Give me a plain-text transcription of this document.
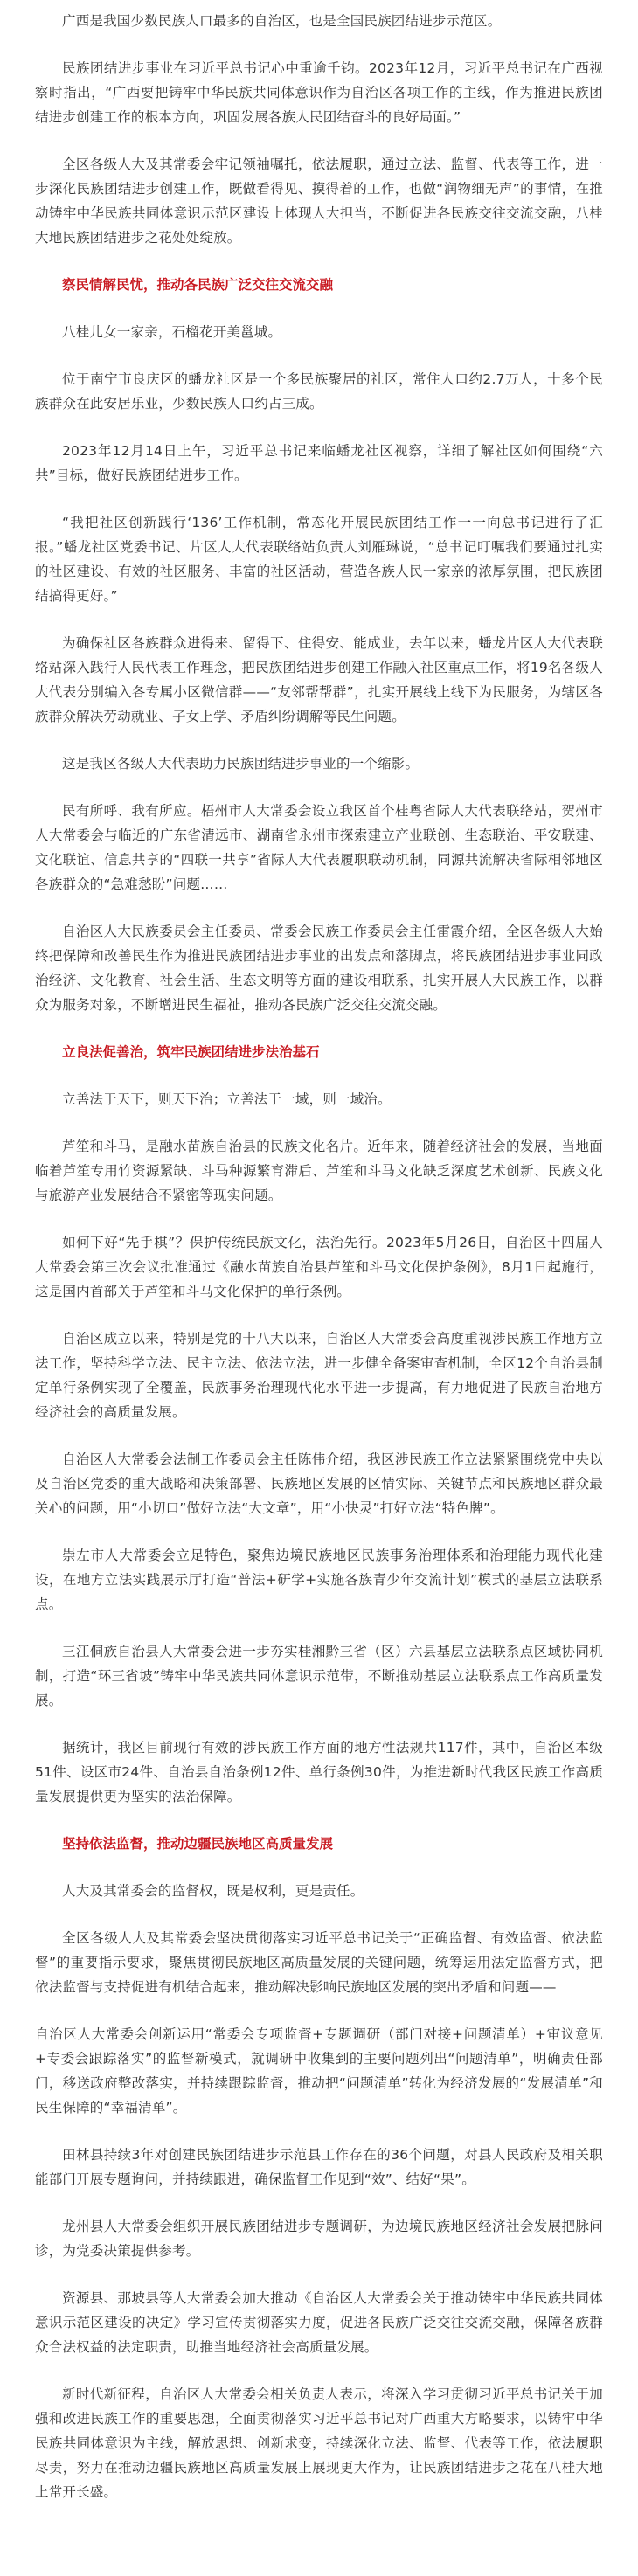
广西是我国少数民族人口最多的自治区，也是全国民族团结进步示范区。

民族团结进步事业在习近平总书记心中重逾千钧。2023年12月，习近平总书记在广西视察时指出，“广西要把铸牢中华民族共同体意识作为自治区各项工作的主线，作为推进民族团结进步创建工作的根本方向，巩固发展各族人民团结奋斗的良好局面。”

全区各级人大及其常委会牢记领袖嘱托，依法履职，通过立法、监督、代表等工作，进一步深化民族团结进步创建工作，既做看得见、摸得着的工作，也做“润物细无声”的事情，在推动铸牢中华民族共同体意识示范区建设上体现人大担当，不断促进各民族交往交流交融，八桂大地民族团结进步之花处处绽放。

察民情解民忧，推动各民族广泛交往交流交融

八桂儿女一家亲，石榴花开美邕城。

位于南宁市良庆区的蟠龙社区是一个多民族聚居的社区，常住人口约2.7万人，十多个民族群众在此安居乐业，少数民族人口约占三成。

2023年12月14日上午，习近平总书记来临蟠龙社区视察，详细了解社区如何围绕“六共”目标，做好民族团结进步工作。

“我把社区创新践行‘136’工作机制，常态化开展民族团结工作一一向总书记进行了汇报。”蟠龙社区党委书记、片区人大代表联络站负责人刘雁琳说，“总书记叮嘱我们要通过扎实的社区建设、有效的社区服务、丰富的社区活动，营造各族人民一家亲的浓厚氛围，把民族团结搞得更好。”

为确保社区各族群众进得来、留得下、住得安、能成业，去年以来，蟠龙片区人大代表联络站深入践行人民代表工作理念，把民族团结进步创建工作融入社区重点工作，将19名各级人大代表分别编入各专属小区微信群——“友邻帮帮群”，扎实开展线上线下为民服务，为辖区各族群众解决劳动就业、子女上学、矛盾纠纷调解等民生问题。

这是我区各级人大代表助力民族团结进步事业的一个缩影。

民有所呼、我有所应。梧州市人大常委会设立我区首个桂粤省际人大代表联络站，贺州市人大常委会与临近的广东省清远市、湖南省永州市探索建立产业联创、生态联治、平安联建、文化联谊、信息共享的“四联一共享”省际人大代表履职联动机制，同源共流解决省际相邻地区各族群众的“急难愁盼”问题……

自治区人大民族委员会主任委员、常委会民族工作委员会主任雷霞介绍，全区各级人大始终把保障和改善民生作为推进民族团结进步事业的出发点和落脚点，将民族团结进步事业同政治经济、文化教育、社会生活、生态文明等方面的建设相联系，扎实开展人大民族工作，以群众为服务对象，不断增进民生福祉，推动各民族广泛交往交流交融。

立良法促善治，筑牢民族团结进步法治基石

立善法于天下，则天下治；立善法于一域，则一域治。

芦笙和斗马，是融水苗族自治县的民族文化名片。近年来，随着经济社会的发展，当地面临着芦笙专用竹资源紧缺、斗马种源繁育滞后、芦笙和斗马文化缺乏深度艺术创新、民族文化与旅游产业发展结合不紧密等现实问题。

如何下好“先手棋”？保护传统民族文化，法治先行。2023年5月26日，自治区十四届人大常委会第三次会议批准通过《融水苗族自治县芦笙和斗马文化保护条例》，8月1日起施行，这是国内首部关于芦笙和斗马文化保护的单行条例。

自治区成立以来，特别是党的十八大以来，自治区人大常委会高度重视涉民族工作地方立法工作，坚持科学立法、民主立法、依法立法，进一步健全备案审查机制，全区12个自治县制定单行条例实现了全覆盖，民族事务治理现代化水平进一步提高，有力地促进了民族自治地方经济社会的高质量发展。

自治区人大常委会法制工作委员会主任陈伟介绍，我区涉民族工作立法紧紧围绕党中央以及自治区党委的重大战略和决策部署、民族地区发展的区情实际、关键节点和民族地区群众最关心的问题，用“小切口”做好立法“大文章”，用“小快灵”打好立法“特色牌”。

崇左市人大常委会立足特色，聚焦边境民族地区民族事务治理体系和治理能力现代化建设，在地方立法实践展示厅打造“普法+研学+实施各族青少年交流计划”模式的基层立法联系点。

三江侗族自治县人大常委会进一步夯实桂湘黔三省（区）六县基层立法联系点区域协同机制，打造“环三省坡”铸牢中华民族共同体意识示范带，不断推动基层立法联系点工作高质量发展。

据统计，我区目前现行有效的涉民族工作方面的地方性法规共117件，其中，自治区本级51件、设区市24件、自治县自治条例12件、单行条例30件，为推进新时代我区民族工作高质量发展提供更为坚实的法治保障。

坚持依法监督，推动边疆民族地区高质量发展

人大及其常委会的监督权，既是权利，更是责任。

全区各级人大及其常委会坚决贯彻落实习近平总书记关于“正确监督、有效监督、依法监督”的重要指示要求，聚焦贯彻民族地区高质量发展的关键问题，统筹运用法定监督方式，把依法监督与支持促进有机结合起来，推动解决影响民族地区发展的突出矛盾和问题——

自治区人大常委会创新运用“常委会专项监督+专题调研（部门对接+问题清单）+审议意见+专委会跟踪落实”的监督新模式，就调研中收集到的主要问题列出“问题清单”，明确责任部门，移送政府整改落实，并持续跟踪监督，推动把“问题清单”转化为经济发展的“发展清单”和民生保障的“幸福清单”。

田林县持续3年对创建民族团结进步示范县工作存在的36个问题，对县人民政府及相关职能部门开展专题询问，并持续跟进，确保监督工作见到“效”、结好“果”。

龙州县人大常委会组织开展民族团结进步专题调研，为边境民族地区经济社会发展把脉问诊，为党委决策提供参考。

资源县、那坡县等人大常委会加大推动《自治区人大常委会关于推动铸牢中华民族共同体意识示范区建设的决定》学习宣传贯彻落实力度，促进各民族广泛交往交流交融，保障各族群众合法权益的法定职责，助推当地经济社会高质量发展。

新时代新征程，自治区人大常委会相关负责人表示，将深入学习贯彻习近平总书记关于加强和改进民族工作的重要思想，全面贯彻落实习近平总书记对广西重大方略要求，以铸牢中华民族共同体意识为主线，解放思想、创新求变，持续深化立法、监督、代表等工作，依法履职尽责，努力在推动边疆民族地区高质量发展上展现更大作为，让民族团结进步之花在八桂大地上常开长盛。
